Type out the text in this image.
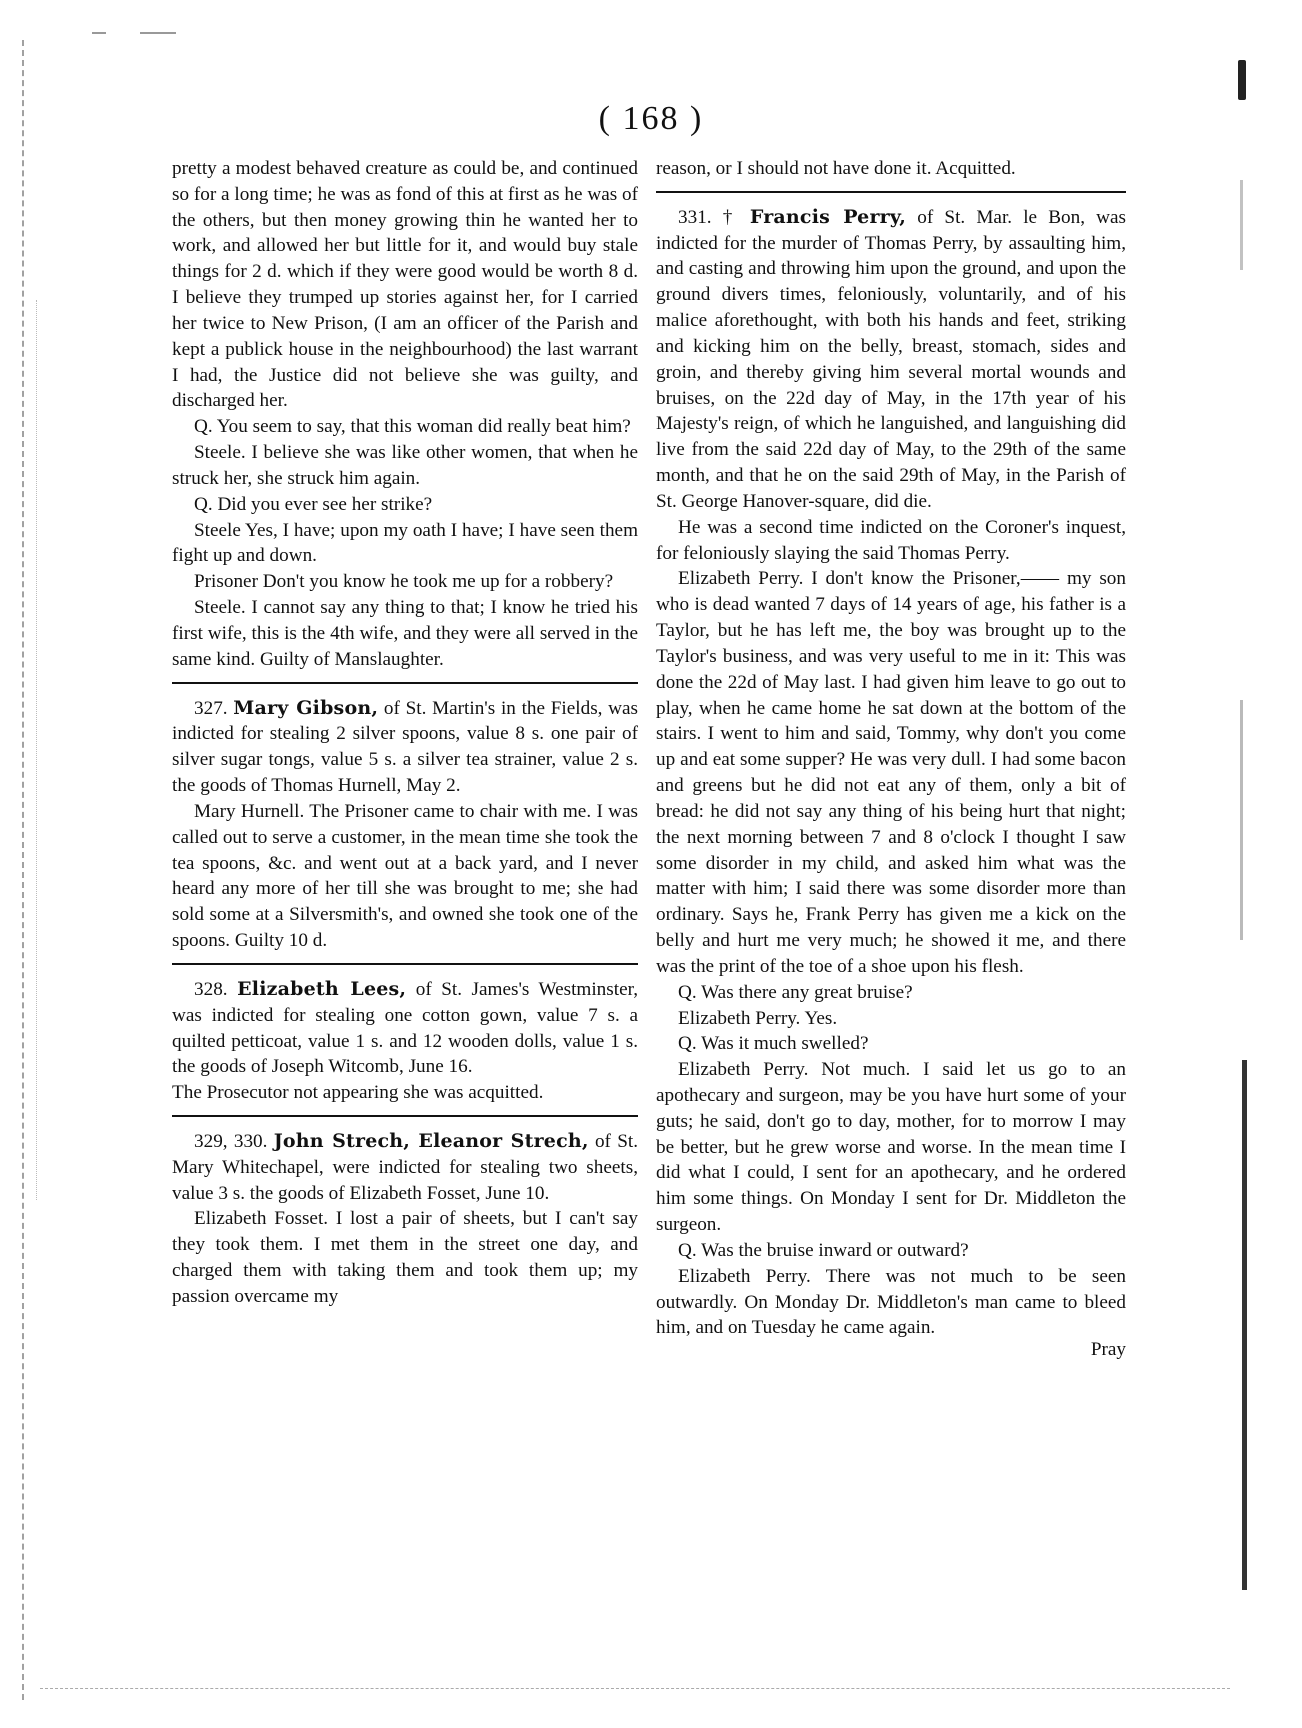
( 168 )

pretty a modest behaved creature as could be, and continued so for a long time; he was as fond of this at first as he was of the others, but then money growing thin he wanted her to work, and allowed her but little for it, and would buy stale things for 2 d. which if they were good would be worth 8 d. I believe they trumped up stories against her, for I carried her twice to New Prison, (I am an officer of the Parish and kept a publick house in the neighbourhood) the last warrant I had, the Justice did not believe she was guilty, and discharged her.

Q. You seem to say, that this woman did really beat him?

Steele. I believe she was like other women, that when he struck her, she struck him again.

Q. Did you ever see her strike?

Steele Yes, I have; upon my oath I have; I have seen them fight up and down.

Prisoner Don't you know he took me up for a robbery?

Steele. I cannot say any thing to that; I know he tried his first wife, this is the 4th wife, and they were all served in the same kind. Guilty of Manslaughter.

327. Mary Gibson, of St. Martin's in the Fields, was indicted for stealing 2 silver spoons, value 8 s. one pair of silver sugar tongs, value 5 s. a silver tea strainer, value 2 s. the goods of Thomas Hurnell, May 2.

Mary Hurnell. The Prisoner came to chair with me. I was called out to serve a customer, in the mean time she took the tea spoons, &c. and went out at a back yard, and I never heard any more of her till she was brought to me; she had sold some at a Silversmith's, and owned she took one of the spoons. Guilty 10 d.

328. Elizabeth Lees, of St. James's Westminster, was indicted for stealing one cotton gown, value 7 s. a quilted petticoat, value 1 s. and 12 wooden dolls, value 1 s. the goods of Joseph Witcomb, June 16.

The Prosecutor not appearing she was acquitted.

329, 330. John Strech, Eleanor Strech, of St. Mary Whitechapel, were indicted for stealing two sheets, value 3 s. the goods of Elizabeth Fosset, June 10.

Elizabeth Fosset. I lost a pair of sheets, but I can't say they took them. I met them in the street one day, and charged them with taking them and took them up; my passion overcame my

reason, or I should not have done it. Acquitted.

331. † Francis Perry, of St. Mar. le Bon, was indicted for the murder of Thomas Perry, by assaulting him, and casting and throwing him upon the ground, and upon the ground divers times, feloniously, voluntarily, and of his malice aforethought, with both his hands and feet, striking and kicking him on the belly, breast, stomach, sides and groin, and thereby giving him several mortal wounds and bruises, on the 22d day of May, in the 17th year of his Majesty's reign, of which he languished, and languishing did live from the said 22d day of May, to the 29th of the same month, and that he on the said 29th of May, in the Parish of St. George Hanover-square, did die.

He was a second time indicted on the Coroner's inquest, for feloniously slaying the said Thomas Perry.

Elizabeth Perry. I don't know the Prisoner,—— my son who is dead wanted 7 days of 14 years of age, his father is a Taylor, but he has left me, the boy was brought up to the Taylor's business, and was very useful to me in it: This was done the 22d of May last. I had given him leave to go out to play, when he came home he sat down at the bottom of the stairs. I went to him and said, Tommy, why don't you come up and eat some supper? He was very dull. I had some bacon and greens but he did not eat any of them, only a bit of bread: he did not say any thing of his being hurt that night; the next morning between 7 and 8 o'clock I thought I saw some disorder in my child, and asked him what was the matter with him; I said there was some disorder more than ordinary. Says he, Frank Perry has given me a kick on the belly and hurt me very much; he showed it me, and there was the print of the toe of a shoe upon his flesh.

Q. Was there any great bruise?

Elizabeth Perry. Yes.

Q. Was it much swelled?

Elizabeth Perry. Not much. I said let us go to an apothecary and surgeon, may be you have hurt some of your guts; he said, don't go to day, mother, for to morrow I may be better, but he grew worse and worse. In the mean time I did what I could, I sent for an apothecary, and he ordered him some things. On Monday I sent for Dr. Middleton the surgeon.

Q. Was the bruise inward or outward?

Elizabeth Perry. There was not much to be seen outwardly. On Monday Dr. Middleton's man came to bleed him, and on Tuesday he came again.

Pray
